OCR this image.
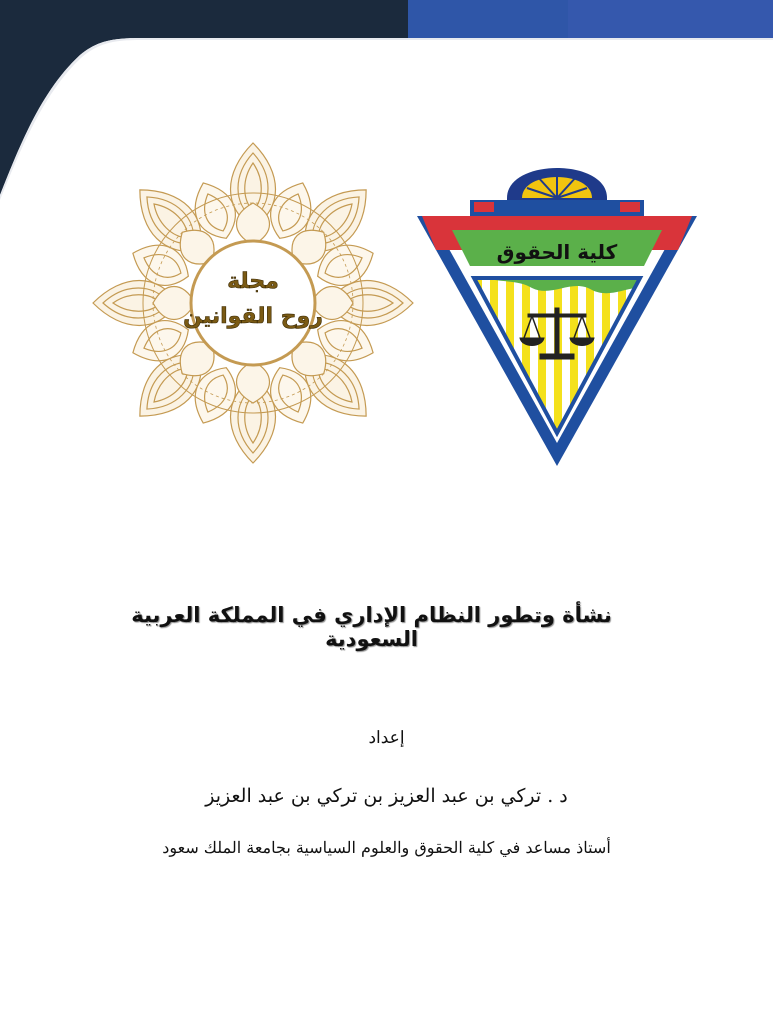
مجلة
روح القوانين
كلية الحقوق
نشأة وتطور النظام الإداري في المملكة العربية السعودية
إعداد
د . تركي بن عبد العزيز بن تركي بن عبد العزيز
أستاذ مساعد في كلية الحقوق والعلوم السياسية بجامعة الملك سعود
